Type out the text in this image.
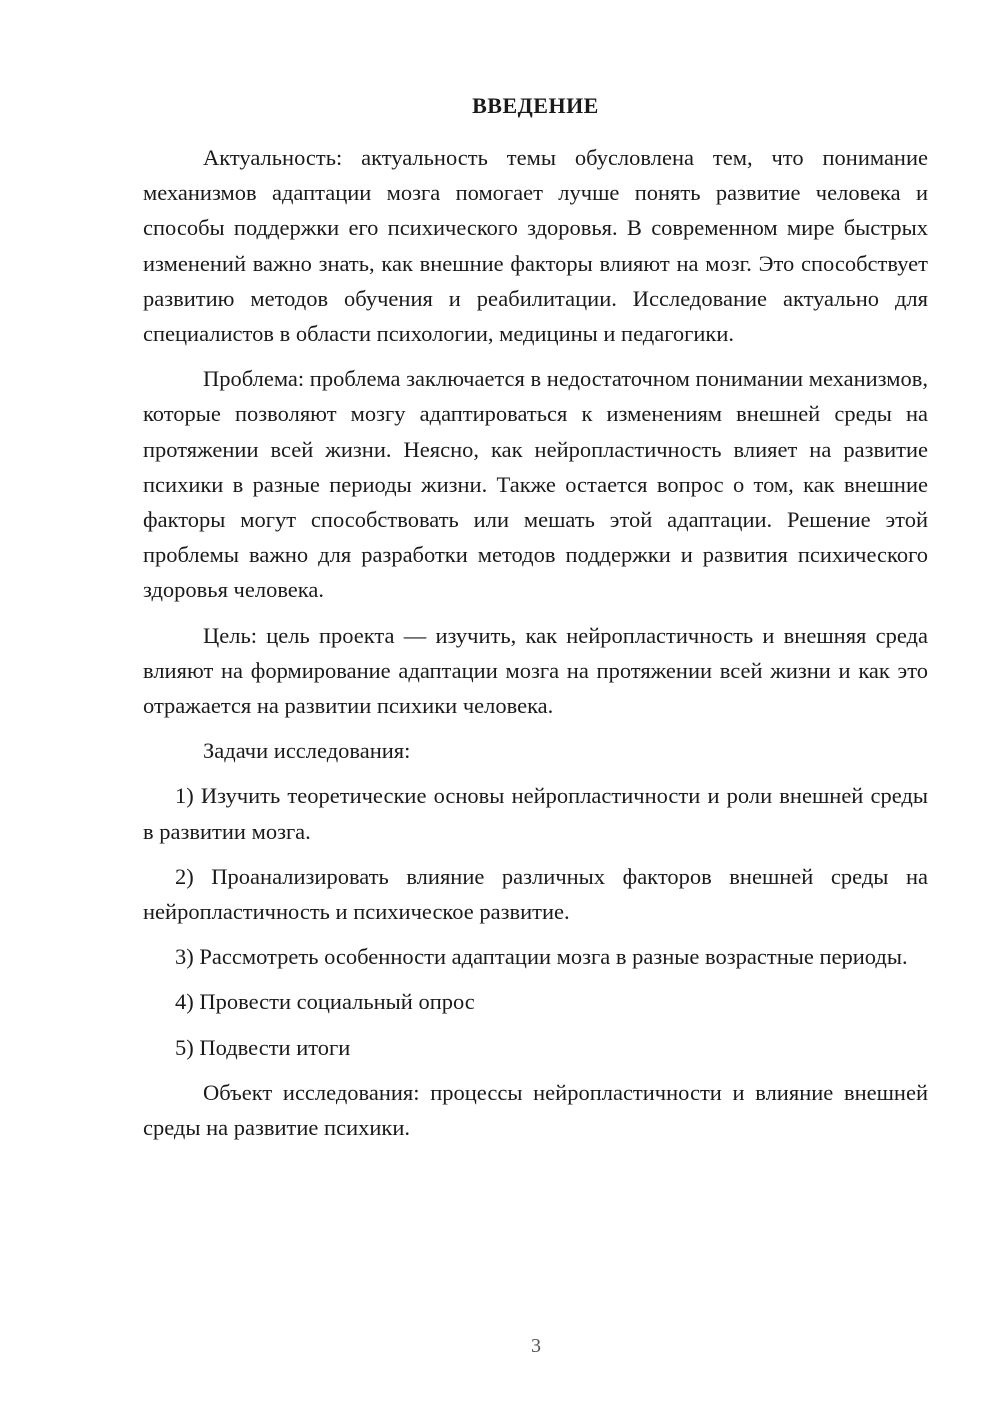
ВВЕДЕНИЕ

Актуальность: актуальность темы обусловлена тем, что понимание механизмов адаптации мозга помогает лучше понять развитие человека и способы поддержки его психического здоровья. В современном мире быстрых изменений важно знать, как внешние факторы влияют на мозг. Это способствует развитию методов обучения и реабилитации. Исследование актуально для специалистов в области психологии, медицины и педагогики.

Проблема: проблема заключается в недостаточном понимании механизмов, которые позволяют мозгу адаптироваться к изменениям внешней среды на протяжении всей жизни. Неясно, как нейропластичность влияет на развитие психики в разные периоды жизни. Также остается вопрос о том, как внешние факторы могут способствовать или мешать этой адаптации. Решение этой проблемы важно для разработки методов поддержки и развития психического здоровья человека.

Цель: цель проекта — изучить, как нейропластичность и внешняя среда влияют на формирование адаптации мозга на протяжении всей жизни и как это отражается на развитии психики человека.

Задачи исследования:

1) Изучить теоретические основы нейропластичности и роли внешней среды в развитии мозга.

2) Проанализировать влияние различных факторов внешней среды на нейропластичность и психическое развитие.

3) Рассмотреть особенности адаптации мозга в разные возрастные периоды.

4) Провести социальный опрос

5) Подвести итоги

Объект исследования: процессы нейропластичности и влияние внешней среды на развитие психики.

3
